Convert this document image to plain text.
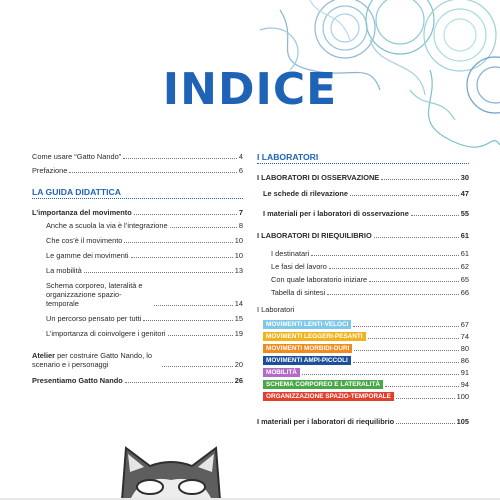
INDICE
Come usare “Gatto Nando”	4
Prefazione	6
LA GUIDA DIDATTICA
L’importanza del movimento	7
Anche a scuola la via è l’integrazione	8
Che cos’è il movimento	10
Le gamme dei movimenti	10
La mobilità	13
Schema corporeo, lateralità e organizzazione spazio-temporale	14
Un percorso pensato per tutti	15
L’importanza di coinvolgere i genitori	19
Atelier per costruire Gatto Nando, lo scenario e i personaggi	20
Presentiamo Gatto Nando	26
I LABORATORI
I LABORATORI DI OSSERVAZIONE	30
Le schede di rilevazione	47
I materiali per i laboratori di osservazione	55
I LABORATORI DI RIEQUILIBRIO	61
I destinatari	61
Le fasi del lavoro	62
Con quale laboratorio iniziare	65
Tabella di sintesi	66
I Laboratori
MOVIMENTI LENTI-VELOCI	67
MOVIMENTI LEGGERI-PESANTI	74
MOVIMENTI MORBIDI-DURI	80
MOVIMENTI AMPI-PICCOLI	86
MOBILITÀ	91
SCHEMA CORPOREO E LATERALITÀ	94
ORGANIZZAZIONE SPAZIO-TEMPORALE	100
I materiali per i laboratori di riequilibrio	105
